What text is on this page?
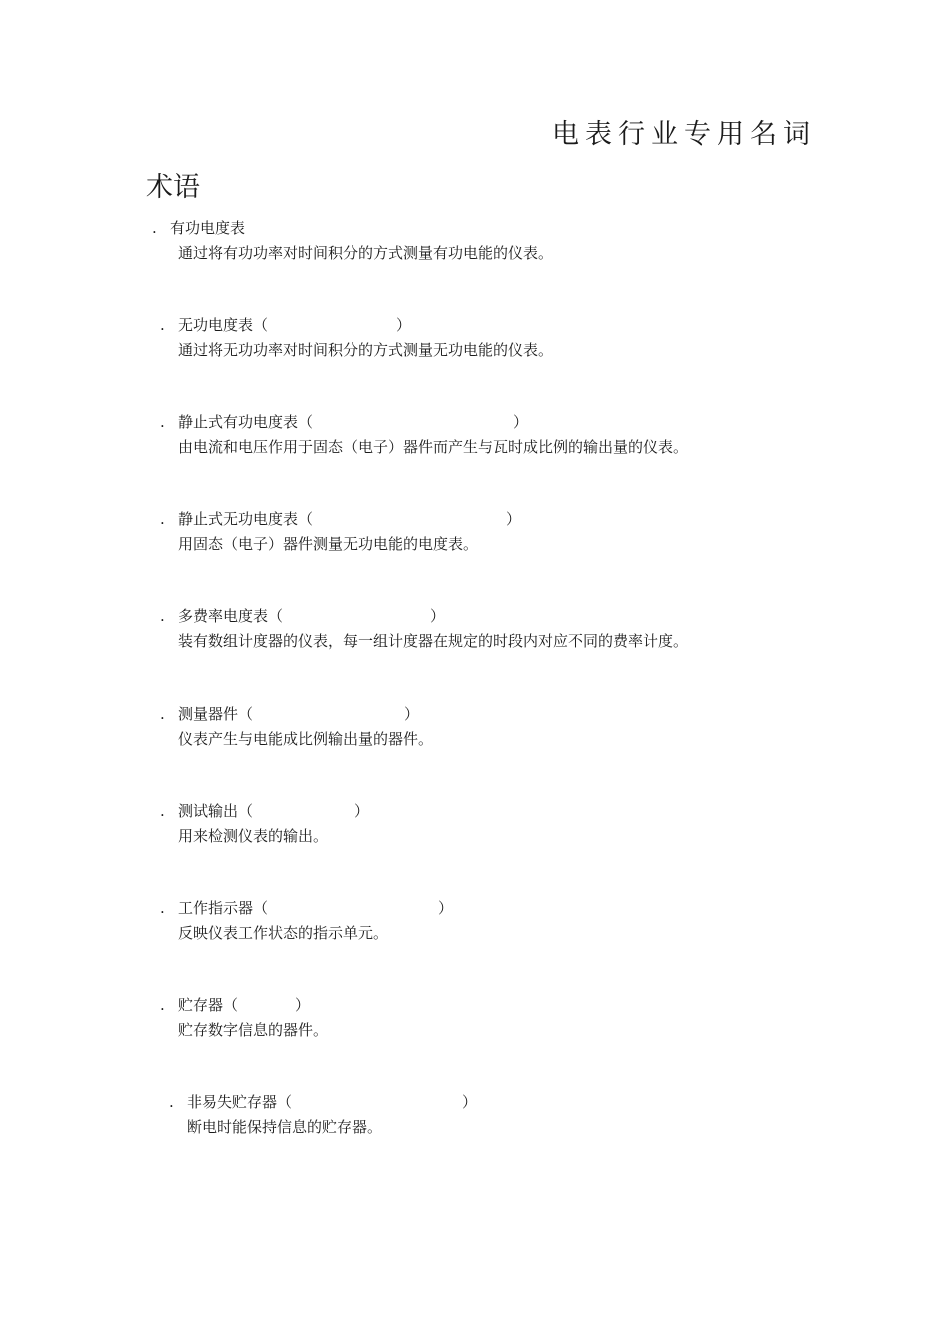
电表行业专用名词
术语
. 有功电度表
通过将有功功率对时间积分的方式测量有功电能的仪表。
. 无功电度表（	）
通过将无功功率对时间积分的方式测量无功电能的仪表。
. 静止式有功电度表（	）
由电流和电压作用于固态（电子）器件而产生与瓦时成比例的输出量的仪表。
. 静止式无功电度表（	）
用固态（电子）器件测量无功电能的电度表。
. 多费率电度表（	）
装有数组计度器的仪表，每一组计度器在规定的时段内对应不同的费率计度。
. 测量器件（	）
仪表产生与电能成比例输出量的器件。
. 测试输出（	）
用来检测仪表的输出。
. 工作指示器（	）
反映仪表工作状态的指示单元。
. 贮存器（	）
贮存数字信息的器件。
. 非易失贮存器（	）
断电时能保持信息的贮存器。
